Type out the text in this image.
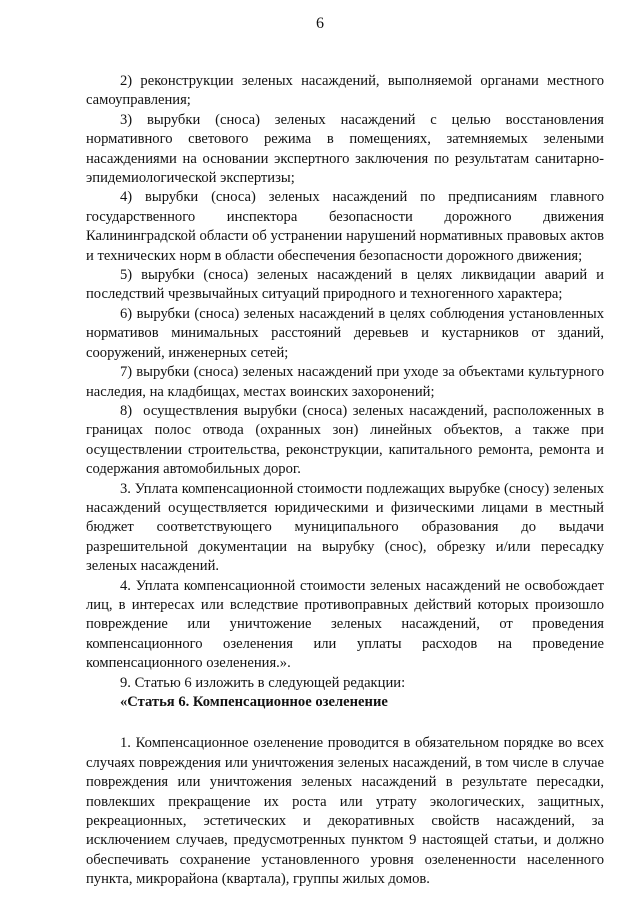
6

2) реконструкции зеленых насаждений, выполняемой органами местного самоуправления;

3) вырубки (сноса) зеленых насаждений с целью восстановления нормативного светового режима в помещениях, затемняемых зелеными насаждениями на основании экспертного заключения по результатам санитарно-эпидемиологической экспертизы;

4) вырубки (сноса) зеленых насаждений по предписаниям главного государственного инспектора безопасности дорожного движения Калининградской области об устранении нарушений нормативных правовых актов и технических норм в области обеспечения безопасности дорожного движения;

5) вырубки (сноса) зеленых насаждений в целях ликвидации аварий и последствий чрезвычайных ситуаций природного и техногенного характера;

6) вырубки (сноса) зеленых насаждений в целях соблюдения установленных нормативов минимальных расстояний деревьев и кустарников от зданий, сооружений, инженерных сетей;

7) вырубки (сноса) зеленых насаждений при уходе за объектами культурного наследия, на кладбищах, местах воинских захоронений;

8)  осуществления вырубки (сноса) зеленых насаждений, расположенных в границах полос отвода (охранных зон) линейных объектов, а также при осуществлении строительства, реконструкции, капитального ремонта, ремонта и содержания автомобильных дорог.

3. Уплата компенсационной стоимости подлежащих вырубке (сносу) зеленых насаждений осуществляется юридическими и физическими лицами в местный бюджет соответствующего муниципального образования до выдачи разрешительной документации на вырубку (снос), обрезку и/или пересадку зеленых насаждений.

4. Уплата компенсационной стоимости зеленых насаждений не освобождает лиц, в интересах или вследствие противоправных действий которых произошло повреждение или уничтожение зеленых насаждений, от проведения компенсационного озеленения или уплаты расходов на проведение компенсационного озеленения.».

9. Статью 6 изложить в следующей редакции:

«Статья 6. Компенсационное озеленение

1. Компенсационное озеленение проводится в обязательном порядке во всех случаях повреждения или уничтожения зеленых насаждений, в том числе в случае повреждения или уничтожения зеленых насаждений в результате пересадки, повлекших прекращение их роста или утрату экологических, защитных, рекреационных, эстетических и декоративных свойств насаждений, за исключением случаев, предусмотренных пунктом 9 настоящей статьи, и должно обеспечивать сохранение установленного уровня озелененности населенного пункта, микрорайона (квартала), группы жилых домов.
